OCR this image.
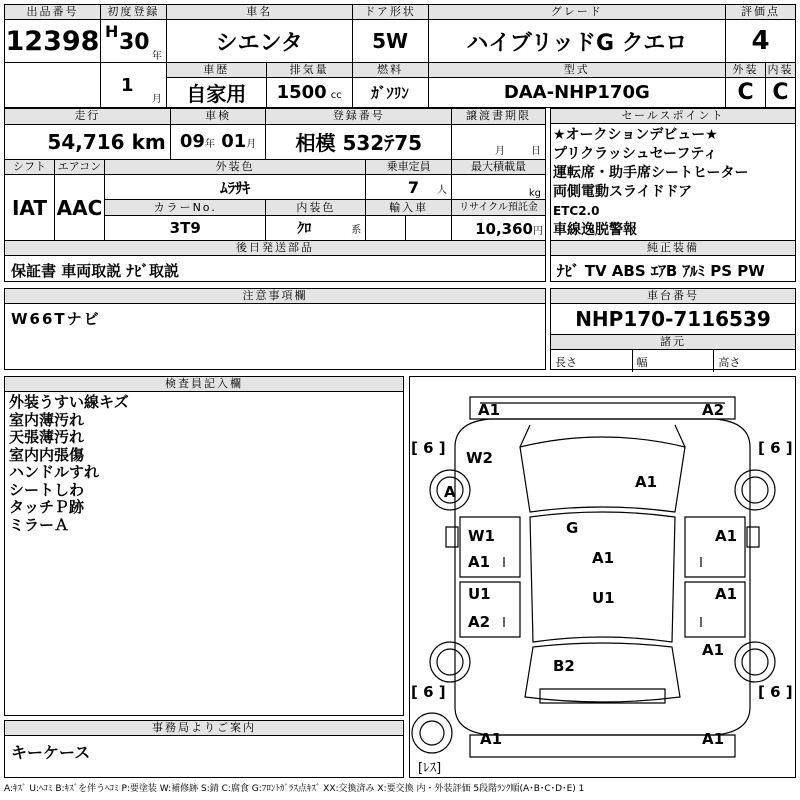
出品番号	初度登録	車名		ドア形状	グレード	評価点	
12398	H 30
年	シエンタ		5W	ハイブリッドG クエロ	4	

	1
月	車歴	排気量	燃料	型式	外装	内装
		自家用	1500 cc	ｶﾞｿﾘﾝ	DAA-NHP170G	C	C
走行			車検	登録番号			譲渡書期限
54,716 km			09年 01月	相模 532ﾃ75			月 日
シフト	エアコン	外装色			乗車定員		最大積載量
IAT	AAC	ﾑﾗｻｷ			7 人		kg
		カラーNo.		内装色	輸入車		リサイクル預託金
		3T9		ｸﾛ 系			10,360円
後日発送部品
保証書 車両取説 ﾅﾋﾞ取説
セールスポイント
★オークションデビュー★
プリクラッシュセーフティ
運転席・助手席シートヒーター
両側電動スライドドア
ETC2.0
車線逸脱警報
純正装備
ﾅﾋﾞ TV ABS ｴｱB ｱﾙﾐ PS PW
注意事項欄
W66Tナビ
車台番号
NHP170-7116539
諸元
長さ	幅	高さ
検査員記入欄
外装うすい線キズ
室内薄汚れ
天張薄汚れ
室内内張傷
ハンドルすれ
シートしわ
タッチＰ跡
ミラーＡ
事務局よりご案内
キーケース
A1	A2
W2
A
A1
G
W1
A1	A1
A1
U1
A2
U1	A1
A1
B2
A1	A1
[ 6 ]	[ 6 ]
[ 6 ]	[ 6 ]
[ﾚｽ]
A:ｷｽﾞ U:ﾍｺﾐ B:ｷｽﾞを伴うﾍｺﾐ P:要塗装 W:補修跡 S:錆 C:腐食 G:ﾌﾛﾝﾄｶﾞﾗｽ点ｷｽﾞ XX:交換済み X:要交換 内・外装評価 5段階ﾗﾝｸ順(A･B･C･D･E) 1
